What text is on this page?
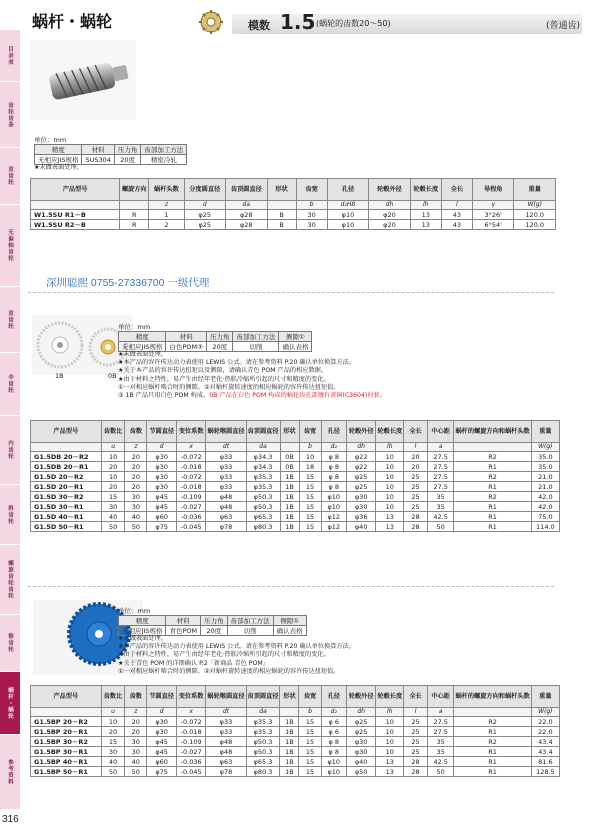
蜗杆・蜗轮	模数 1.5 (蜗轮的齿数20〜50)	(普通齿)
目录表
齿轮齿条
直齿轮
无偏轴齿轮
直齿轮
伞齿轮
内齿轮
斜齿轮
螺旋齿轮齿轮
锥齿轮
蜗杆・蜗轮
参考资料
单位：mm
精度	材料	压力角	齿部加工方法
无相应JIS规格	SUS304	20度	精密冷轧
★未做表面处理。
产品型号	螺旋方向	蜗杆头数	分度圆直径	齿顶圆直径	形状	齿宽	孔径	轮毂外径	轮毂长度	全长	导程角	重量
		z	d	da		b	d₂H8	dh	lh	l	γ	W(g)
W1.5SU R1－B	R	1	φ25	φ28	B	30	φ10	φ20	13	43	3°26'	120.0
W1.5SU R2－B	R	2	φ25	φ28	B	30	φ10	φ20	13	43	6°54'	120.0
深圳聪熙 0755-27336700 一级代理
1B	0B
单位：mm
精度	材料	压力角	齿部加工方法	侧隙①
无相应JIS规格	白色POM③	20度	切削	确认表格
★未做表面处理。
★本产品的容许传达动力表使用 LEWIS 公式。请在参考资料 P.20 确认单位换算方法。
★关于本产品的容许传达扭矩以及侧隙，请确认青色 POM 产品的相应数据。
★由于材料之特性，易产生由经年老化·热胀冷缩所引起的尺寸和精度的变化。
①一对相应蜗杆啮合时的侧隙。②对蜗杆旋转速度的相应蜗轮的容许传达扭矩值。
③ 1B 产品只用白色 POM 构成。0B 产品在白色 POM 构成的蜗轮齿孔部镶有黄铜(C3604)衬套。
产品型号	齿数比	齿数	节圆直径	变位系数	蜗轮喉圆直径	齿顶圆直径	形状	齿宽	孔径	轮毂外径	轮毂长度	全长	中心距	蜗杆的螺旋方向和蜗杆头数	重量
	u	z	d	x	dt	da		b	d₂	dh	lh	l	a		W(g)
G1.5DB 20－R2	10	20	φ30	-0.072	φ33	φ34.3	0B	10	φ 8	φ22	10	20	27.5	R2	35.0
G1.5DB 20－R1	20	20	φ30	-0.018	φ33	φ34.3	0B	18	φ 8	φ22	10	20	27.5	R1	35.0
G1.5D 20－R2	10	20	φ30	-0.072	φ33	φ35.3	1B	15	φ 8	φ25	10	25	27.5	R2	21.0
G1.5D 20－R1	20	20	φ30	-0.018	φ33	φ35.3	1B	15	φ 8	φ25	10	25	27.5	R1	21.0
G1.5D 30－R2	15	30	φ45	-0.109	φ48	φ50.3	1B	15	φ10	φ30	10	25	35	R2	42.0
G1.5D 30－R1	30	30	φ45	-0.027	φ48	φ50.3	1B	15	φ10	φ30	10	25	35	R1	42.0
G1.5D 40－R1	40	40	φ60	-0.036	φ63	φ65.3	1B	15	φ12	φ36	13	28	42.5	R1	75.0
G1.5D 50－R1	50	50	φ75	-0.045	φ78	φ80.3	1B	15	φ12	φ40	13	28	50	R1	114.0
单位：mm
精度	材料	压力角	齿部加工方法	侧隙①
无相应JIS规格	青色POM	20度	切削	确认表格
★未做表面处理。
★本产品的容许传达动力表使用 LEWIS 公式。请在参考资料 P.20 确认单位换算方法。
★由于材料之特性，易产生由经年老化·热胀冷缩所引起的尺寸和精度的变化。
★关于青色 POM 的详细确认 P.2「新商品 青色 POM」
①一对相应蜗杆啮合时的侧隙。②对蜗杆旋转速度的相应蜗轮的容许传达扭矩值。
产品型号	齿数比	齿数	节圆直径	变位系数	蜗轮喉圆直径	齿顶圆直径	形状	齿宽	孔径	轮毂外径	轮毂长度	全长	中心距	蜗杆的螺旋方向和蜗杆头数	重量
	u	z	d	x	dt	da		b	d₂	dh	lh	l	a		W(g)
G1.5BP 20－R2	10	20	φ30	-0.072	φ33	φ35.3	1B	15	φ 6	φ25	10	25	27.5	R2	22.0
G1.5BP 20－R1	20	20	φ30	-0.018	φ33	φ35.3	1B	15	φ 6	φ25	10	25	27.5	R1	22.0
G1.5BP 30－R2	15	30	φ45	-0.109	φ48	φ50.3	1B	15	φ 8	φ30	10	25	35	R2	43.4
G1.5BP 30－R1	30	30	φ45	-0.027	φ48	φ50.3	1B	15	φ 8	φ30	10	25	35	R1	43.4
G1.5BP 40－R1	40	40	φ60	-0.036	φ63	φ65.3	1B	15	φ10	φ40	13	28	42.5	R1	81.6
G1.5BP 50－R1	50	50	φ75	-0.045	φ78	φ80.3	1B	15	φ10	φ50	13	28	50	R1	128.5
316
